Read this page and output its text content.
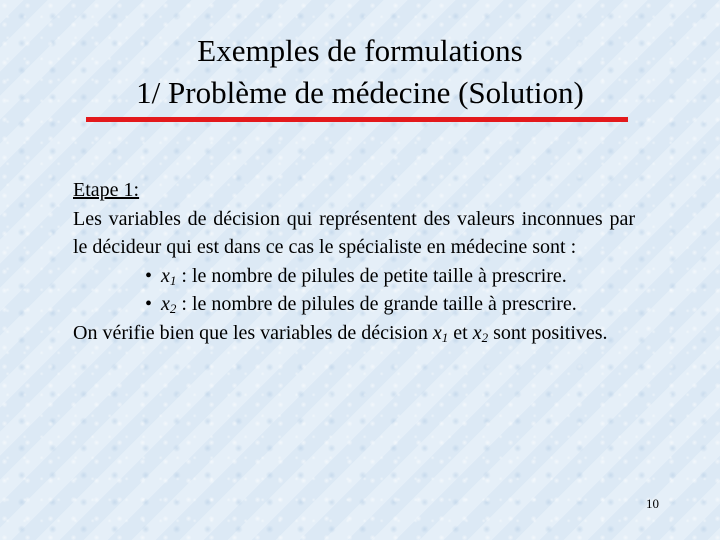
Exemples de formulations
1/ Problème de médecine (Solution)
Etape 1:
Les variables de décision qui représentent des valeurs inconnues par le décideur qui est dans ce cas le spécialiste en médecine sont :
• $x_1$ : le nombre de pilules de petite taille à prescrire.
• $x_2$ : le nombre de pilules de grande taille à prescrire.
On vérifie bien que les variables de décision $x_1$ et $x_2$ sont positives.
10
